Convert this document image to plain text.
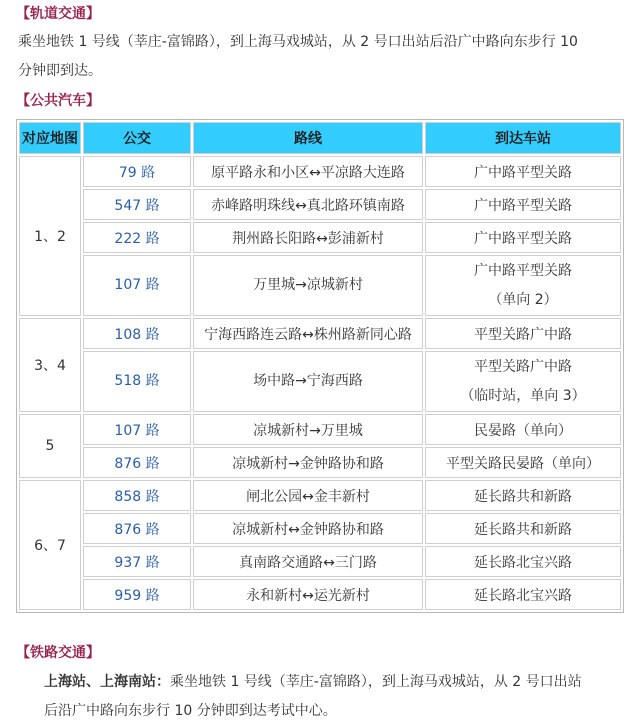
【轨道交通】
乘坐地铁 1 号线（莘庄-富锦路），到上海马戏城站，从 2 号口出站后沿广中路向东步行 10
分钟即到达。
【公共汽车】
对应地图	公交	路线	到达车站
1、2	79 路	原平路永和小区↔平凉路大连路	广中路平型关路
	547 路	赤峰路明珠线↔真北路环镇南路	广中路平型关路
	222 路	荆州路长阳路↔彭浦新村	广中路平型关路
	107 路	万里城→凉城新村	广中路平型关路
（单向 2）

3、4	108 路	宁海西路连云路↔株州路新同心路	平型关路广中路
	518 路	场中路→宁海西路	平型关路广中路
（临时站，单向 3）

5	107 路	凉城新村→万里城	民晏路（单向）
	876 路	凉城新村→金钟路协和路	平型关路民晏路（单向）
6、7	858 路	闸北公园↔金丰新村	延长路共和新路
	876 路	凉城新村↔金钟路协和路	延长路共和新路
	937 路	真南路交通路↔三门路	延长路北宝兴路
	959 路	永和新村↔运光新村	延长路北宝兴路
【铁路交通】
上海站、上海南站：乘坐地铁 1 号线（莘庄-富锦路），到上海马戏城站，从 2 号口出站
后沿广中路向东步行 10 分钟即到达考试中心。
